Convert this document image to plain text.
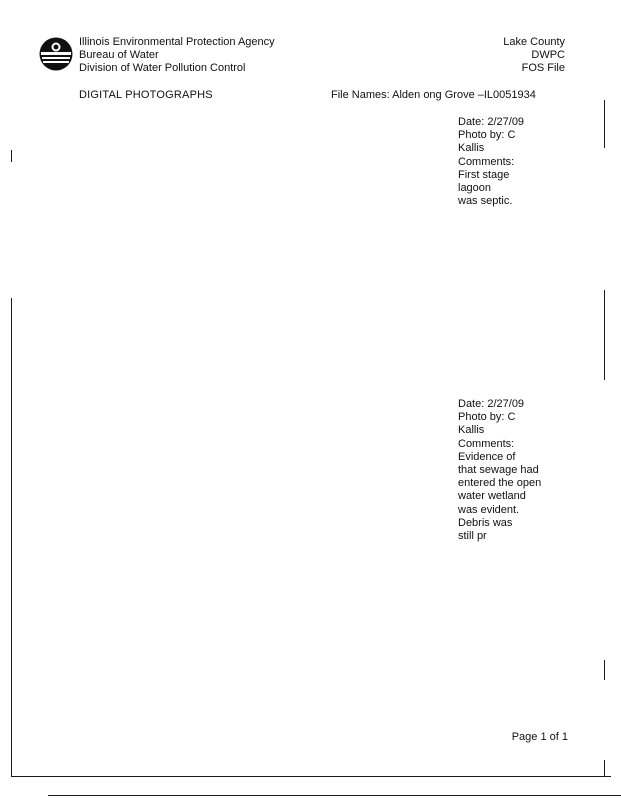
Illinois Environmental Protection Agency
Bureau of Water
Division of Water Pollution Control
Lake County
DWPC
FOS File
DIGITAL PHOTOGRAPHS	File Names: Alden ong Grove –IL0051934
Date: 2/27/09
Photo by: C
Kallis
Comments:
First stage
lagoon
was septic.
Date: 2/27/09
Photo by: C
Kallis
Comments:
Evidence of
that sewage had
entered the open
water wetland
was evident.
Debris was
still pr
Page 1 of 1
